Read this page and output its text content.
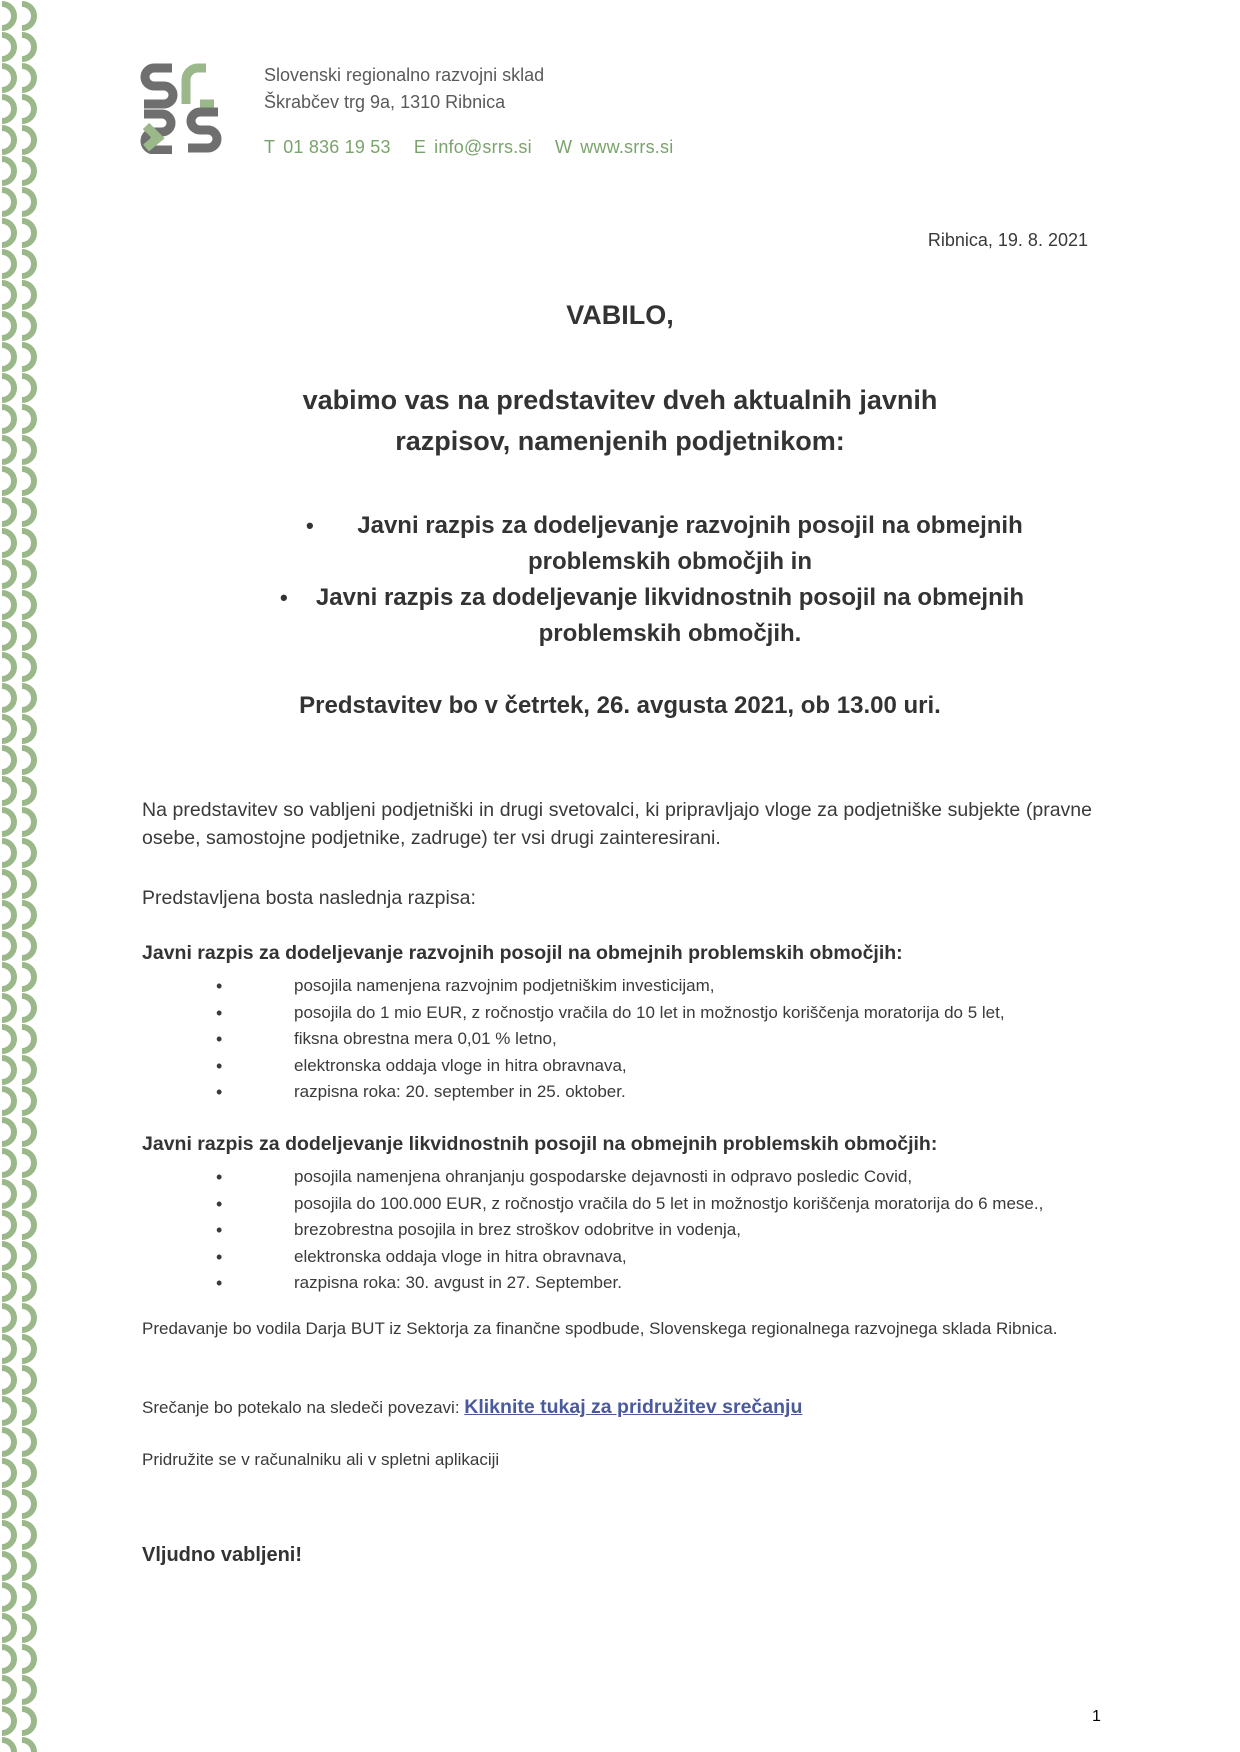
Slovenski regionalno razvojni sklad
Škrabčev trg 9a, 1310 Ribnica
T 01 836 19 53 E info@srrs.si W www.srrs.si
Ribnica, 19. 8. 2021
VABILO,
vabimo vas na predstavitev dveh aktualnih javnih
razpisov, namenjenih podjetnikom:
•	Javni razpis za dodeljevanje razvojnih posojil na obmejnih
problemskih območjih in
•	Javni razpis za dodeljevanje likvidnostnih posojil na obmejnih
problemskih območjih.
Predstavitev bo v četrtek, 26. avgusta 2021, ob 13.00 uri.
Na predstavitev so vabljeni podjetniški in drugi svetovalci, ki pripravljajo vloge za podjetniške subjekte (pravne osebe, samostojne podjetnike, zadruge) ter vsi drugi zainteresirani.
Predstavljena bosta naslednja razpisa:
Javni razpis za dodeljevanje razvojnih posojil na obmejnih problemskih območjih:
• posojila namenjena razvojnim podjetniškim investicijam,
• posojila do 1 mio EUR, z ročnostjo vračila do 10 let in možnostjo koriščenja moratorija do 5 let,
• fiksna obrestna mera 0,01 % letno,
• elektronska oddaja vloge in hitra obravnava,
• razpisna roka: 20. september in 25. oktober.
Javni razpis za dodeljevanje likvidnostnih posojil na obmejnih problemskih območjih:
• posojila namenjena ohranjanju gospodarske dejavnosti in odpravo posledic Covid,
• posojila do 100.000 EUR, z ročnostjo vračila do 5 let in možnostjo koriščenja moratorija do 6 mese.,
• brezobrestna posojila in brez stroškov odobritve in vodenja,
• elektronska oddaja vloge in hitra obravnava,
• razpisna roka: 30. avgust in 27. September.
Predavanje bo vodila Darja BUT iz Sektorja za finančne spodbude, Slovenskega regionalnega razvojnega sklada Ribnica.
Srečanje bo potekalo na sledeči povezavi: Kliknite tukaj za pridružitev srečanju
Pridružite se v računalniku ali v spletni aplikaciji
Vljudno vabljeni!
1
